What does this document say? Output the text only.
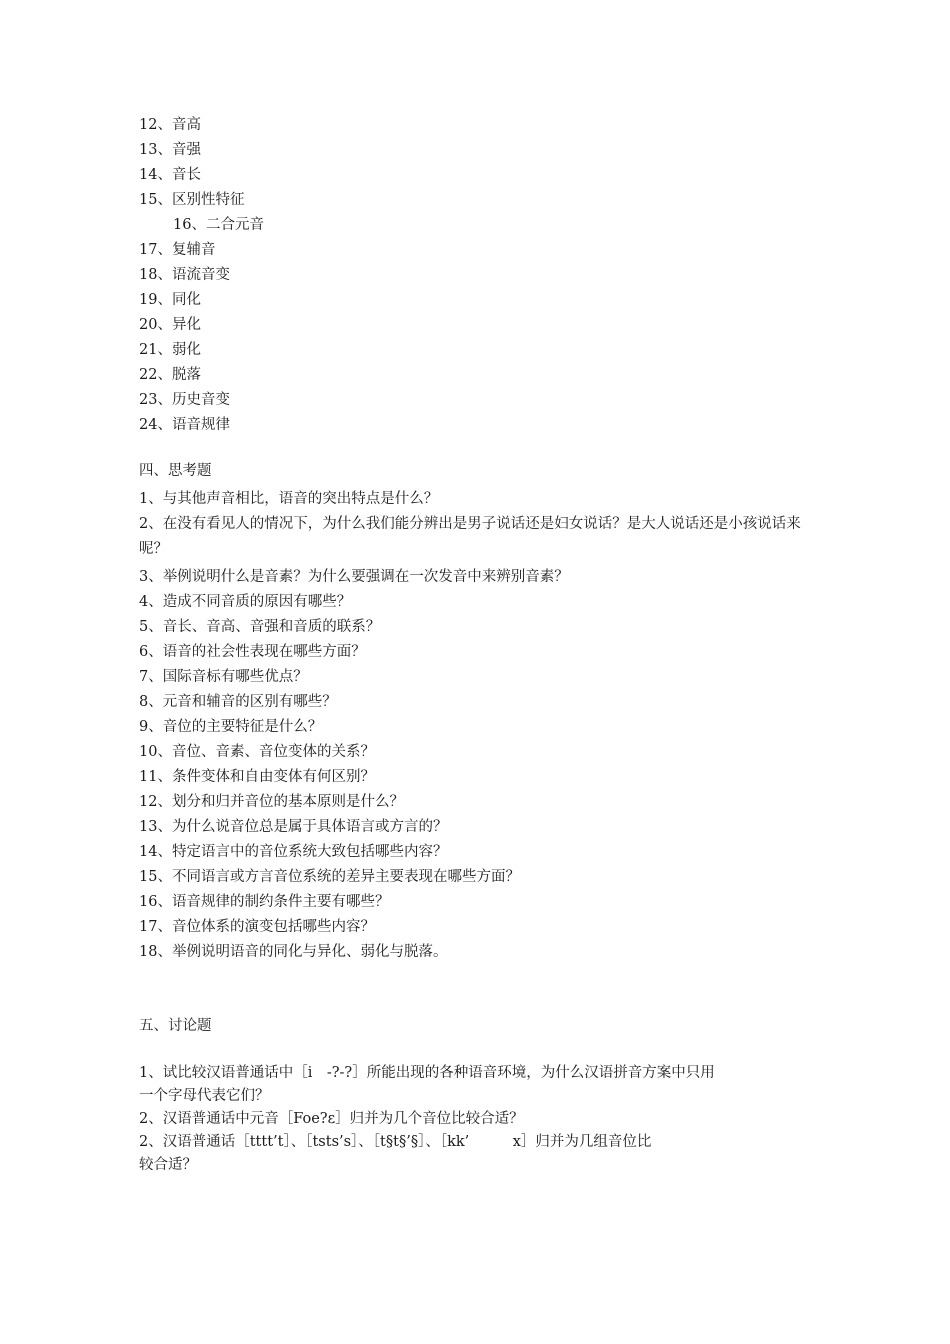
12、音高
13、音强
14、音长
15、区别性特征
16、二合元音
17、复辅音
18、语流音变
19、同化
20、异化
21、弱化
22、脱落
23、历史音变
24、语音规律
四、思考题
1、与其他声音相比，语音的突出特点是什么？
2、在没有看见人的情况下，为什么我们能分辨出是男子说话还是妇女说话？是大人说话还是小孩说话来呢？
3、举例说明什么是音素？为什么要强调在一次发音中来辨别音素？
4、造成不同音质的原因有哪些？
5、音长、音高、音强和音质的联系？
6、语音的社会性表现在哪些方面？
7、国际音标有哪些优点？
8、元音和辅音的区别有哪些？
9、音位的主要特征是什么？
10、音位、音素、音位变体的关系？
11、条件变体和自由变体有何区别？
12、划分和归并音位的基本原则是什么？
13、为什么说音位总是属于具体语言或方言的？
14、特定语言中的音位系统大致包括哪些内容？
15、不同语言或方言音位系统的差异主要表现在哪些方面？
16、语音规律的制约条件主要有哪些？
17、音位体系的演变包括哪些内容？
18、举例说明语音的同化与异化、弱化与脱落。
五、讨论题
1、试比较汉语普通话中［i　-?-?］所能出现的各种语音环境，为什么汉语拼音方案中只用
一个字母代表它们？
2、汉语普通话中元音［Foe?ε］归并为几个音位比较合适？
2、汉语普通话［tttt’t］、［tsts’s］、［t§t§’§］、［kk’　　　x］归并为几组音位比
较合适？
